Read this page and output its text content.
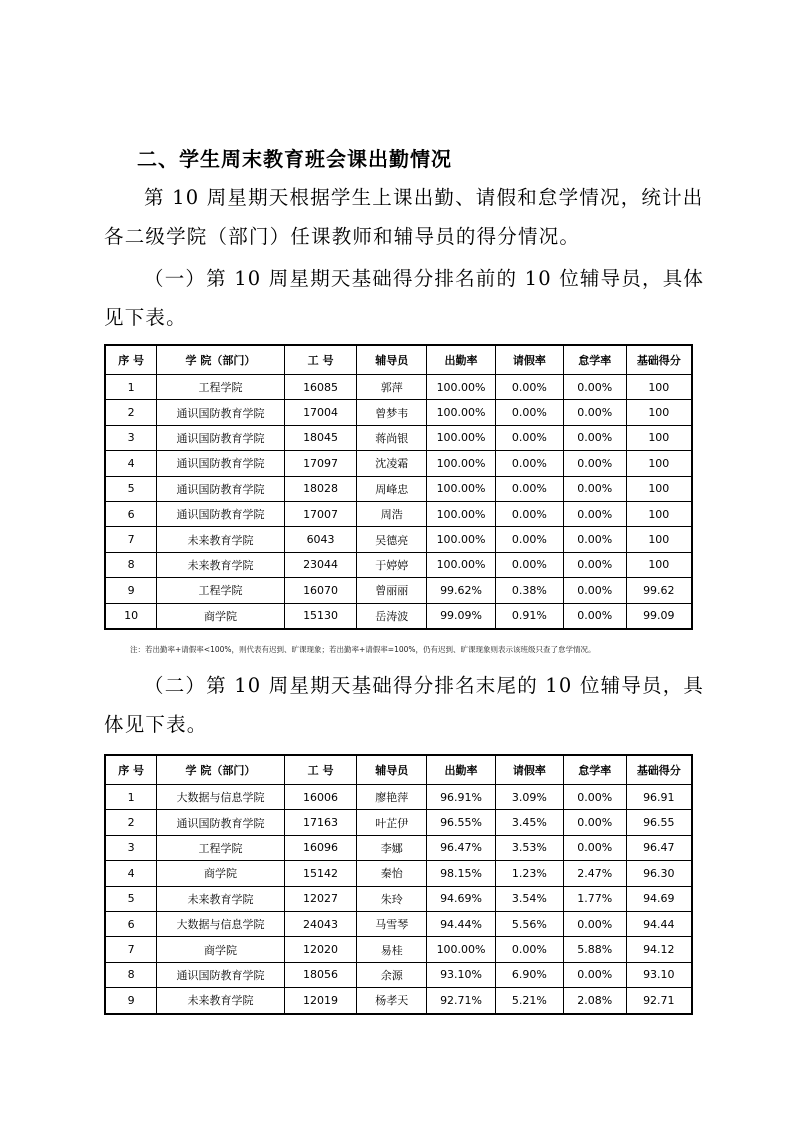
二、学生周末教育班会课出勤情况
第 10 周星期天根据学生上课出勤、请假和怠学情况，统计出各二级学院（部门）任课教师和辅导员的得分情况。
（一）第 10 周星期天基础得分排名前的 10 位辅导员，具体见下表。
序 号	学 院（部门）	工 号	辅导员	出勤率	请假率	怠学率	基础得分
1	工程学院	16085	郭萍	100.00%	0.00%	0.00%	100
2	通识国防教育学院	17004	曾梦韦	100.00%	0.00%	0.00%	100
3	通识国防教育学院	18045	蒋尚银	100.00%	0.00%	0.00%	100
4	通识国防教育学院	17097	沈凌霜	100.00%	0.00%	0.00%	100
5	通识国防教育学院	18028	周峰忠	100.00%	0.00%	0.00%	100
6	通识国防教育学院	17007	周浩	100.00%	0.00%	0.00%	100
7	未来教育学院	6043	吴德亮	100.00%	0.00%	0.00%	100
8	未来教育学院	23044	于婷婷	100.00%	0.00%	0.00%	100
9	工程学院	16070	曾丽丽	99.62%	0.38%	0.00%	99.62
10	商学院	15130	岳涛波	99.09%	0.91%	0.00%	99.09
注：若出勤率+请假率<100%，则代表有迟到、旷课现象；若出勤率+请假率=100%，仍有迟到、旷课现象则表示该班级只查了怠学情况。
（二）第 10 周星期天基础得分排名末尾的 10 位辅导员，具体见下表。
序 号	学 院（部门）	工 号	辅导员	出勤率	请假率	怠学率	基础得分
1	大数据与信息学院	16006	廖艳萍	96.91%	3.09%	0.00%	96.91
2	通识国防教育学院	17163	叶芷伊	96.55%	3.45%	0.00%	96.55
3	工程学院	16096	李娜	96.47%	3.53%	0.00%	96.47
4	商学院	15142	秦怡	98.15%	1.23%	2.47%	96.30
5	未来教育学院	12027	朱玲	94.69%	3.54%	1.77%	94.69
6	大数据与信息学院	24043	马雪琴	94.44%	5.56%	0.00%	94.44
7	商学院	12020	易桂	100.00%	0.00%	5.88%	94.12
8	通识国防教育学院	18056	余源	93.10%	6.90%	0.00%	93.10
9	未来教育学院	12019	杨孝天	92.71%	5.21%	2.08%	92.71
